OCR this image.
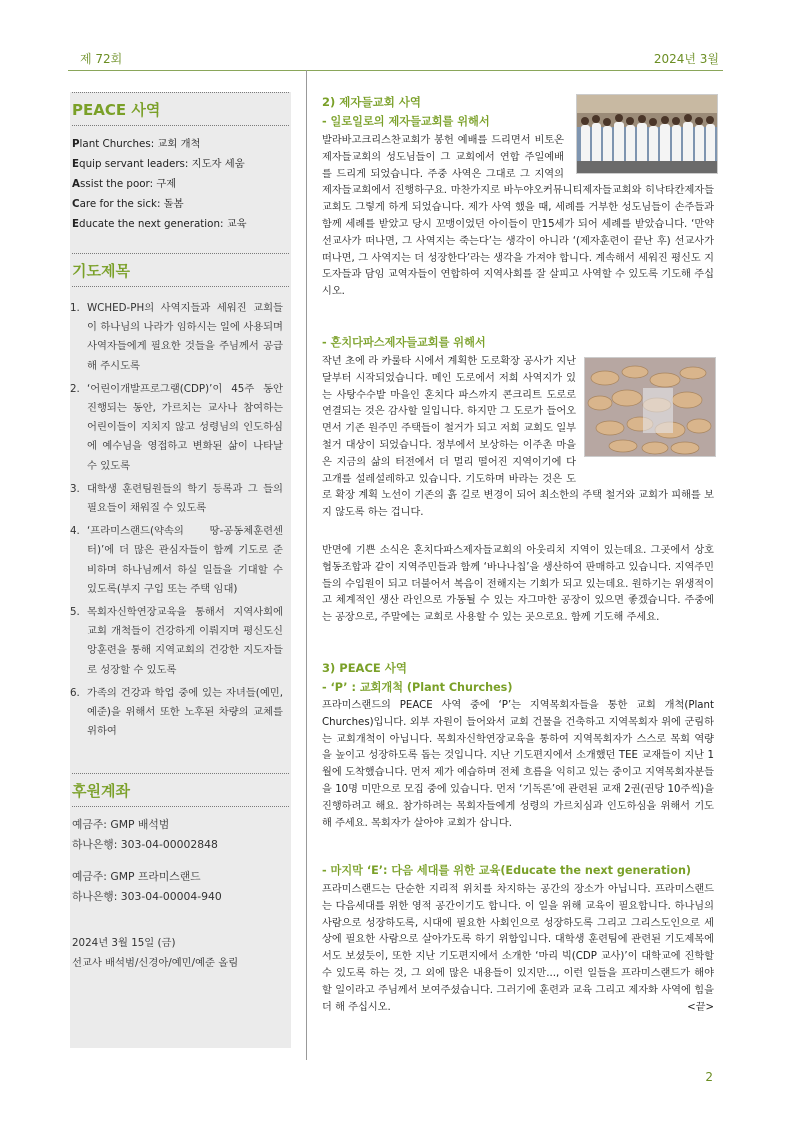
제 72회	2024년 3월
PEACE 사역
Plant Churches: 교회 개척
Equip servant leaders: 지도자 세움
Assist the poor: 구제
Care for the sick: 돌봄
Educate the next generation: 교육
기도제목
1. WCHED-PH의 사역지들과 세워진 교회들이 하나님의 나라가 임하시는 일에 사용되며 사역자들에게 필요한 것들을 주님께서 공급해 주시도록
2. ‘어린이개발프로그램(CDP)’이 45주 동안 진행되는 동안, 가르치는 교사나 참여하는 어린이들이 지치지 않고 성령님의 인도하심에 예수님을 영접하고 변화된 삶이 나타날 수 있도록
3. 대학생 훈련팀원들의 학기 등록과 그 들의 필요들이 채워질 수 있도록
4. ‘프라미스랜드(약속의 땅-공동체훈련센터)’에 더 많은 관심자들이 함께 기도로 준비하며 하나님께서 하실 일들을 기대할 수 있도록(부지 구입 또는 주택 임대)
5. 목회자신학연장교육을 통해서 지역사회에 교회 개척들이 건강하게 이뤄지며 평신도신앙훈련을 통해 지역교회의 건강한 지도자들로 성장할 수 있도록
6. 가족의 건강과 학업 중에 있는 자녀들(예민, 예준)을 위해서 또한 노후된 차량의 교체를 위하여
후원계좌
예금주: GMP 배석범
하나은행: 303-04-00002848
예금주: GMP 프라미스랜드
하나은행: 303-04-00004-940
2024년 3월 15일 (금)
선교사 배석범/신경아/예민/예준 올림
2) 제자들교회 사역
- 일로일로의 제자들교회를 위해서
발라바고크리스찬교회가 봉헌 예배를 드리면서 비토온제자들교회의 성도님들이 그 교회에서 연합 주일예배를 드리게 되었습니다. 주중 사역은 그대로 그 지역의 제자들교회에서 진행하구요. 마찬가지로 바누야오커뮤니티제자들교회와 히낙타칸제자들교회도 그렇게 하게 되었습니다. 제가 사역 했을 때, 세례를 거부한 성도님들이 손주들과 함께 세례를 받았고 당시 꼬맹이었던 아이들이 만15세가 되어 세례를 받았습니다. ‘만약 선교사가 떠나면, 그 사역지는 죽는다’는 생각이 아니라 ‘(제자훈련이 끝난 후) 선교사가 떠나면, 그 사역지는 더 성장한다’라는 생각을 가져야 합니다. 계속해서 세워진 평신도 지도자들과 담임 교역자들이 연합하여 지역사회를 잘 살피고 사역할 수 있도록 기도해 주십시오.
- 혼치다파스제자들교회를 위해서
작년 초에 라 카룰타 시에서 계획한 도로확장 공사가 지난 달부터 시작되었습니다. 메인 도로에서 저희 사역지가 있는 사탕수수밭 마을인 혼치다 파스까지 콘크리트 도로로 연결되는 것은 감사할 일입니다. 하지만 그 도로가 들어오면서 기존 원주민 주택들이 철거가 되고 저희 교회도 일부 철거 대상이 되었습니다. 정부에서 보상하는 이주촌 마을은 지금의 삶의 터전에서 더 멀리 떨어진 지역이기에 다 고개를 설레설레하고 있습니다. 기도하며 바라는 것은 도로 확장 계획 노선이 기존의 흙 길로 변경이 되어 최소한의 주택 철거와 교회가 피해를 보지 않도록 하는 겁니다.
반면에 기쁜 소식은 혼치다파스제자들교회의 아웃리치 지역이 있는데요. 그곳에서 상호협동조합과 같이 지역주민들과 함께 ‘바나나칩’을 생산하여 판매하고 있습니다. 지역주민들의 수입원이 되고 더불어서 복음이 전해지는 기회가 되고 있는데요. 원하기는 위생적이고 체계적인 생산 라인으로 가동될 수 있는 자그마한 공장이 있으면 좋겠습니다. 주중에는 공장으로, 주말에는 교회로 사용할 수 있는 곳으로요. 함께 기도해 주세요.
3) PEACE 사역
- ‘P’ : 교회개척 (Plant Churches)
프라미스랜드의 PEACE 사역 중에 ‘P’는 지역목회자들을 통한 교회 개척(Plant Churches)입니다. 외부 자원이 들어와서 교회 건물을 건축하고 지역목회자 위에 군림하는 교회개척이 아닙니다. 목회자신학연장교육을 통하여 지역목회자가 스스로 목회 역량을 높이고 성장하도록 돕는 것입니다. 지난 기도편지에서 소개했던 TEE 교재들이 지난 1월에 도착했습니다. 먼저 제가 예습하며 전체 흐름을 익히고 있는 중이고 지역목회자분들을 10명 미만으로 모집 중에 있습니다. 먼저 ‘기독론’에 관련된 교재 2권(권당 10주씩)을 진행하려고 해요. 참가하려는 목회자들에게 성령의 가르치심과 인도하심을 위해서 기도해 주세요. 목회자가 살아야 교회가 삽니다.
- 마지막 ‘E’: 다음 세대를 위한 교육(Educate the next generation)
프라미스랜드는 단순한 지리적 위치를 차지하는 공간의 장소가 아닙니다. 프라미스랜드는 다음세대를 위한 영적 공간이기도 합니다. 이 일을 위해 교육이 필요합니다. 하나님의 사람으로 성장하도록, 시대에 필요한 사회인으로 성장하도록 그리고 그리스도인으로 세상에 필요한 사람으로 살아가도록 하기 위함입니다. 대학생 훈련팀에 관련된 기도제목에서도 보셨듯이, 또한 지난 기도편지에서 소개한 ‘마리 빅(CDP 교사)’이 대학교에 진학할 수 있도록 하는 것, 그 외에 많은 내용들이 있지만..., 이런 일들을 프라미스랜드가 해야 할 일이라고 주님께서 보여주셨습니다. 그러기에 훈련과 교육 그리고 제자화 사역에 힘을 더 해 주십시오.	<끝>
2
